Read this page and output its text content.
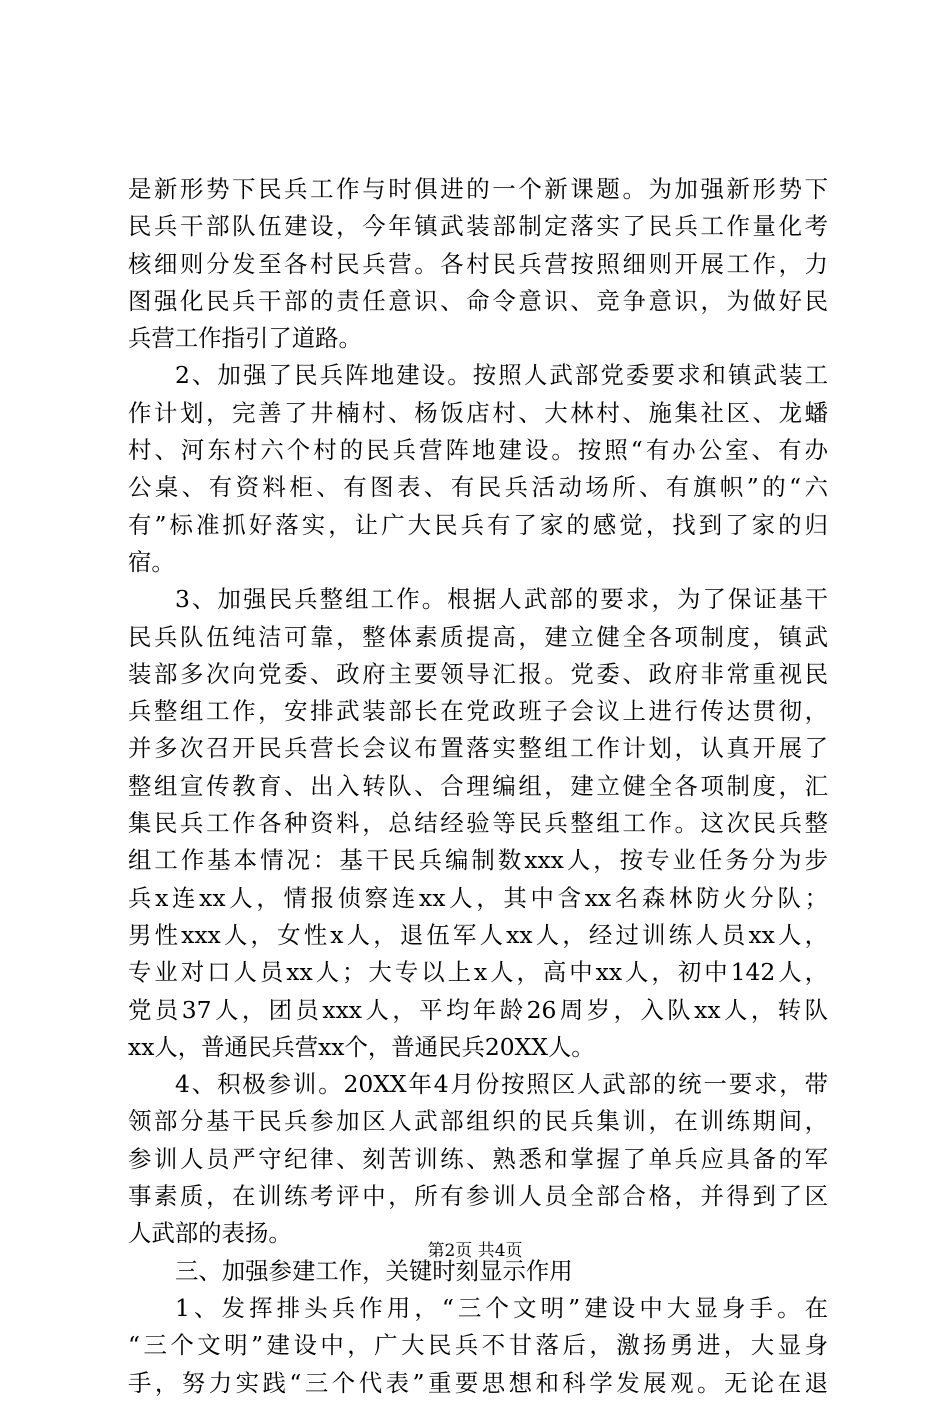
是新形势下民兵工作与时俱进的一个新课题。为加强新形势下
民兵干部队伍建设，今年镇武装部制定落实了民兵工作量化考
核细则分发至各村民兵营。各村民兵营按照细则开展工作，力
图强化民兵干部的责任意识、命令意识、竞争意识，为做好民
兵营工作指引了道路。
2、加强了民兵阵地建设。按照人武部党委要求和镇武装工
作计划，完善了井楠村、杨饭店村、大林村、施集社区、龙蟠
村、河东村六个村的民兵营阵地建设。按照“有办公室、有办
公桌、有资料柜、有图表、有民兵活动场所、有旗帜”的“六
有”标准抓好落实，让广大民兵有了家的感觉，找到了家的归
宿。
3、加强民兵整组工作。根据人武部的要求，为了保证基干
民兵队伍纯洁可靠，整体素质提高，建立健全各项制度，镇武
装部多次向党委、政府主要领导汇报。党委、政府非常重视民
兵整组工作，安排武装部长在党政班子会议上进行传达贯彻，
并多次召开民兵营长会议布置落实整组工作计划，认真开展了
整组宣传教育、出入转队、合理编组，建立健全各项制度，汇
集民兵工作各种资料，总结经验等民兵整组工作。这次民兵整
组工作基本情况：基干民兵编制数xxx人，按专业任务分为步
兵x连xx人，情报侦察连xx人，其中含xx名森林防火分队；
男性xxx人，女性x人，退伍军人xx人，经过训练人员xx人，
专业对口人员xx人；大专以上x人，高中xx人，初中142人，
党员37人，团员xxx人，平均年龄26周岁，入队xx人，转队
xx人，普通民兵营xx个，普通民兵20XX人。
4、积极参训。20XX年4月份按照区人武部的统一要求，带
领部分基干民兵参加区人武部组织的民兵集训，在训练期间，
参训人员严守纪律、刻苦训练、熟悉和掌握了单兵应具备的军
事素质，在训练考评中，所有参训人员全部合格，并得到了区
人武部的表扬。
三、加强参建工作，关键时刻显示作用
1、发挥排头兵作用，“三个文明”建设中大显身手。在
“三个文明”建设中，广大民兵不甘落后，激扬勇进，大显身
手，努力实践“三个代表”重要思想和科学发展观。无论在退
第2页 共4页
